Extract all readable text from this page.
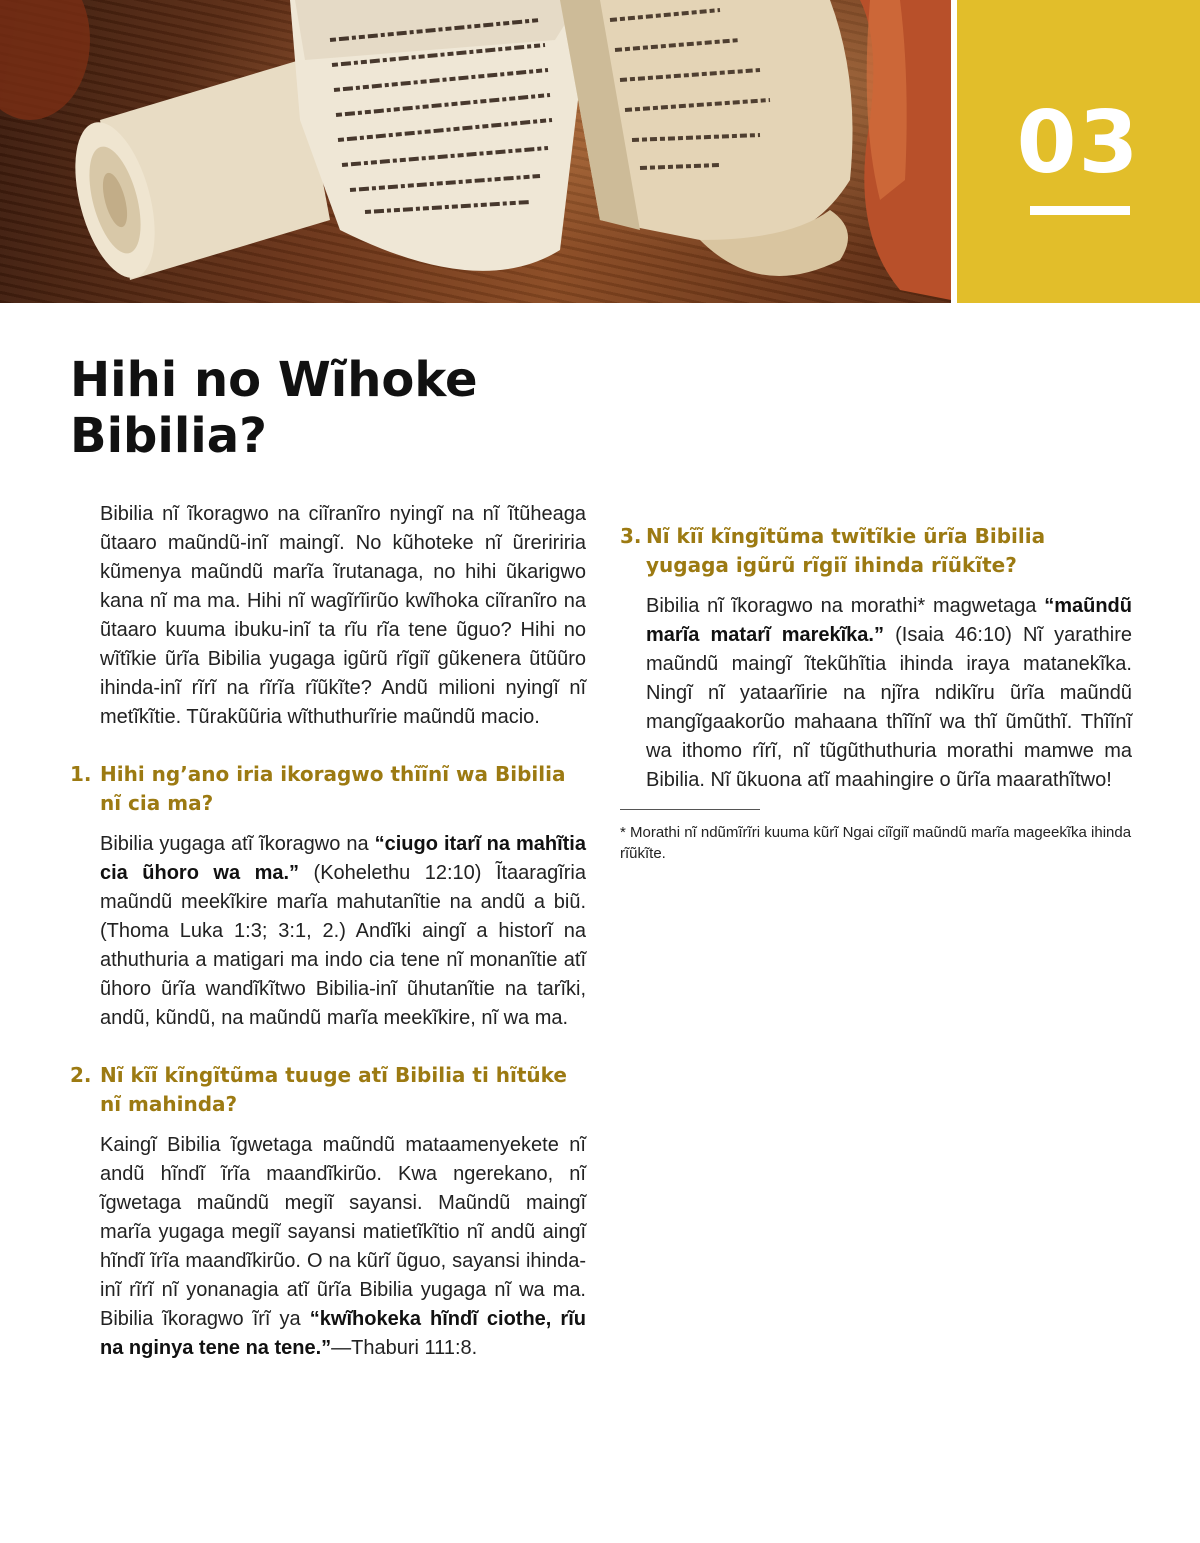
03
Hihi no Wĩhoke
Bibilia?

Bibilia nĩ ĩkoragwo na ciĩranĩro nyingĩ na nĩ ĩtũheaga ũtaaro maũndũ-inĩ maingĩ. No kũhoteke nĩ ũreririria kũmenya maũndũ marĩa ĩrutanaga, no hihi ũkarigwo kana nĩ ma ma. Hihi nĩ wagĩrĩirũo kwĩhoka ciĩranĩro na ũtaaro kuuma ibuku-inĩ ta rĩu rĩa tene ũguo? Hihi no wĩtĩkie ũrĩa Bibilia yugaga igũrũ rĩgiĩ gũkenera ũtũũro ihinda-inĩ rĩrĩ na rĩrĩa rĩũkĩte? Andũ milioni nyingĩ nĩ metĩkĩtie. Tũrakũũria wĩthuthurĩrie maũndũ macio.

1. Hihi ng’ano iria ikoragwo thĩĩnĩ wa Bibilia nĩ cia ma?

Bibilia yugaga atĩ ĩkoragwo na “ciugo itarĩ na mahĩtia cia ũhoro wa ma.” (Kohelethu 12:10) Ĩtaaragĩria maũndũ meekĩkire marĩa mahutanĩtie na andũ a biũ. (Thoma Luka 1:3; 3:1, 2.) Andĩki aingĩ a historĩ na athuthuria a matigari ma indo cia tene nĩ monanĩtie atĩ ũhoro ũrĩa wandĩkĩtwo Bibilia-inĩ ũhutanĩtie na tarĩki, andũ, kũndũ, na maũndũ marĩa meekĩkire, nĩ wa ma.

2. Nĩ kĩĩ kĩngĩtũma tuuge atĩ Bibilia ti hĩtũke nĩ mahinda?

Kaingĩ Bibilia ĩgwetaga maũndũ mataamenyekete nĩ andũ hĩndĩ ĩrĩa maandĩkirũo. Kwa ngerekano, nĩ ĩgwetaga maũndũ megiĩ sayansi. Maũndũ maingĩ marĩa yugaga megiĩ sayansi matietĩkĩtio nĩ andũ aingĩ hĩndĩ ĩrĩa maandĩkirũo. O na kũrĩ ũguo, sayansi ihinda-inĩ rĩrĩ nĩ yonanagia atĩ ũrĩa Bibilia yugaga nĩ wa ma. Bibilia ĩkoragwo ĩrĩ ya “kwĩhokeka hĩndĩ ciothe, rĩu na nginya tene na tene.”—Thaburi 111:8.

3. Nĩ kĩĩ kĩngĩtũma twĩtĩkie ũrĩa Bibilia yugaga igũrũ rĩgiĩ ihinda rĩũkĩte?

Bibilia nĩ ĩkoragwo na morathi* magwetaga “maũndũ marĩa matarĩ marekĩka.” (Isaia 46:10) Nĩ yarathire maũndũ maingĩ ĩtekũhĩtia ihinda iraya matanekĩka. Ningĩ nĩ yataarĩirie na njĩra ndikĩru ũrĩa maũndũ mangĩgaakorũo mahaana thĩĩnĩ wa thĩ ũmũthĩ. Thĩĩnĩ wa ithomo rĩrĩ, nĩ tũgũthuthuria morathi mamwe ma Bibilia. Nĩ ũkuona atĩ maahingire o ũrĩa maarathĩtwo!

* Morathi nĩ ndũmĩrĩri kuuma kũrĩ Ngai ciĩgiĩ maũndũ marĩa mageekĩka ihinda rĩũkĩte.
